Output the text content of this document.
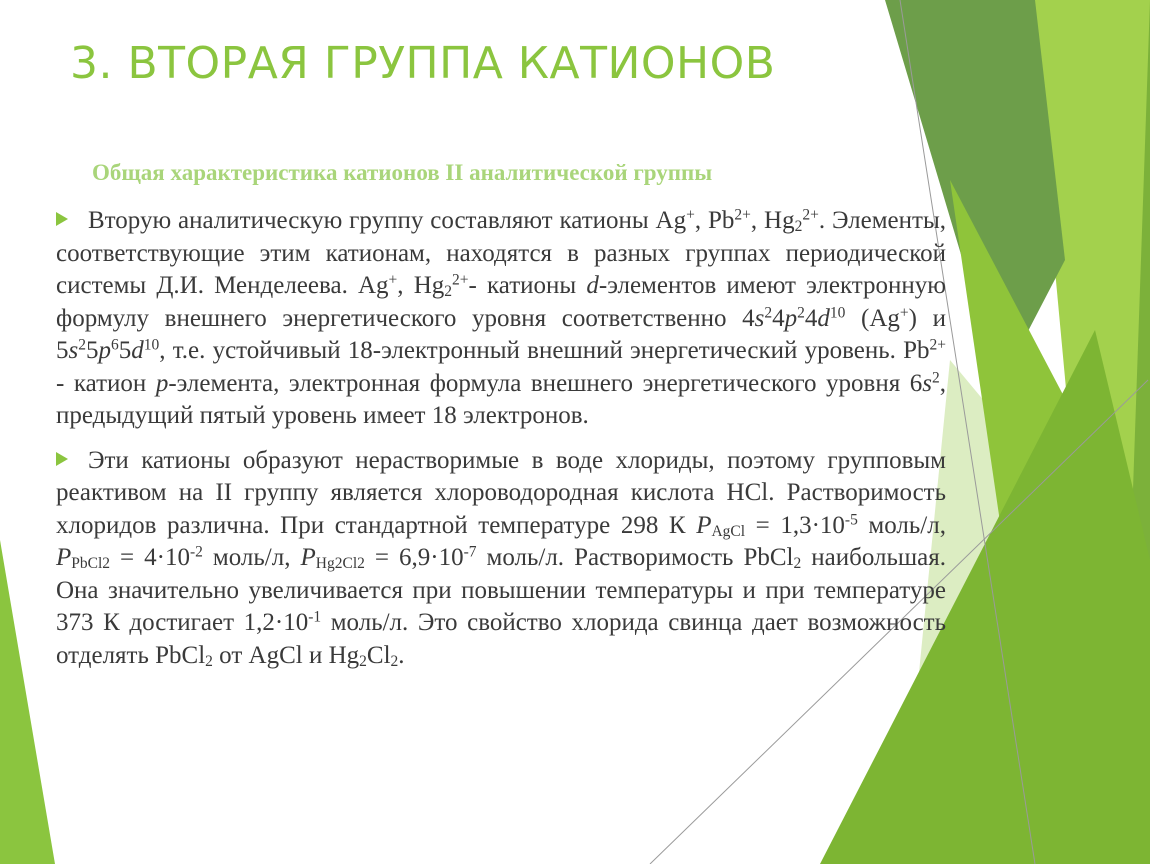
3. ВТОРАЯ ГРУППА КАТИОНОВ
Общая характеристика катионов II аналитической группы

Вторую аналитическую группу составляют катионы Ag+, $Pb^{2+}$, $Hg_2^{2+}$. Элементы, соответствующие этим катионам, находятся в разных группах периодической системы Д.И. Менделеева. Ag+, $Hg_2^{2+}-$ катионы d-элементов имеют электронную формулу внешнего энергетического уровня соответственно $4s^24p^24d^{10}$ (Ag+) и $5s^25p^65d^{10}$, т.е. устойчивый 18-электронный внешний энергетический уровень. $Pb^{2+}$ - катион p-элемента, электронная формула внешнего энергетического уровня $6s^2$, предыдущий пятый уровень имеет 18 электронов.

Эти катионы образуют нерастворимые в воде хлориды, поэтому групповым реактивом на II группу является хлороводородная кислота HCl. Растворимость хлоридов различна. При стандартной температуре 298 К $P_{AgCl} = 1,3\cdot 10^{-5}$ моль/л, $P_{PbCl2} = 4\cdot 10^{-2}$ моль/л, $P_{Hg2Cl2} = 6,9\cdot 10^{-7}$ моль/л. Растворимость PbCl$_2$ наибольшая. Она значительно увеличивается при повышении температуры и при температуре 373 К достигает $1,2\cdot 10^{-1}$ моль/л. Это свойство хлорида свинца дает возможность отделять PbCl$_2$ от AgCl и $Hg_2Cl_2$.
